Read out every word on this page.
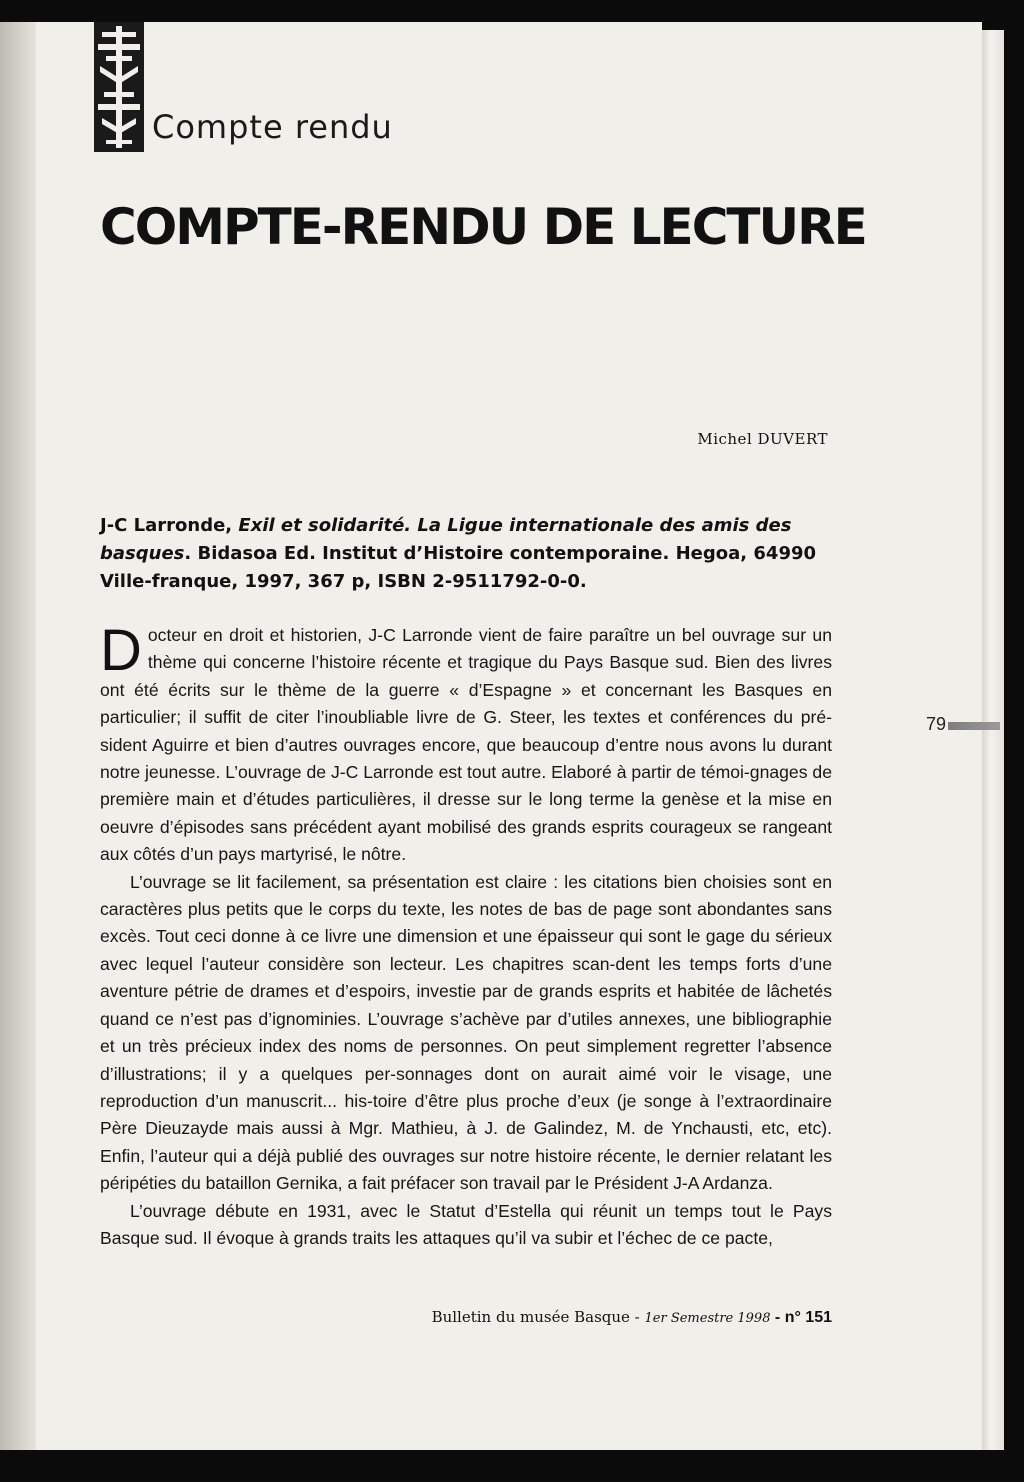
Compte rendu
COMPTE-RENDU DE LECTURE
Michel DUVERT
J-C Larronde, Exil et solidarité. La Ligue internationale des amis des basques. Bidasoa Ed. Institut d’Histoire contemporaine. Hegoa, 64990 Ville-franque, 1997, 367 p, ISBN 2-9511792-0-0.

Docteur en droit et historien, J-C Larronde vient de faire paraître un bel ouvrage sur un thème qui concerne l’histoire récente et tragique du Pays Basque sud. Bien des livres ont été écrits sur le thème de la guerre « d’Espagne » et concernant les Basques en particulier; il suffit de citer l’inoubliable livre de G. Steer, les textes et conférences du pré-sident Aguirre et bien d’autres ouvrages encore, que beaucoup d’entre nous avons lu durant notre jeunesse. L’ouvrage de J-C Larronde est tout autre. Elaboré à partir de témoi-gnages de première main et d’études particulières, il dresse sur le long terme la genèse et la mise en oeuvre d’épisodes sans précédent ayant mobilisé des grands esprits courageux se rangeant aux côtés d’un pays martyrisé, le nôtre.

L’ouvrage se lit facilement, sa présentation est claire : les citations bien choisies sont en caractères plus petits que le corps du texte, les notes de bas de page sont abondantes sans excès. Tout ceci donne à ce livre une dimension et une épaisseur qui sont le gage du sérieux avec lequel l’auteur considère son lecteur. Les chapitres scan-dent les temps forts d’une aventure pétrie de drames et d’espoirs, investie par de grands esprits et habitée de lâchetés quand ce n’est pas d’ignominies. L’ouvrage s’achève par d’utiles annexes, une bibliographie et un très précieux index des noms de personnes. On peut simplement regretter l’absence d’illustrations; il y a quelques per-sonnages dont on aurait aimé voir le visage, une reproduction d’un manuscrit... his-toire d’être plus proche d’eux (je songe à l’extraordinaire Père Dieuzayde mais aussi à Mgr. Mathieu, à J. de Galindez, M. de Ynchausti, etc, etc). Enfin, l’auteur qui a déjà publié des ouvrages sur notre histoire récente, le dernier relatant les péripéties du bataillon Gernika, a fait préfacer son travail par le Président J-A Ardanza.

L’ouvrage débute en 1931, avec le Statut d’Estella qui réunit un temps tout le Pays Basque sud. Il évoque à grands traits les attaques qu’il va subir et l’échec de ce pacte,

79
Bulletin du musée Basque - 1er Semestre 1998 - n° 151
